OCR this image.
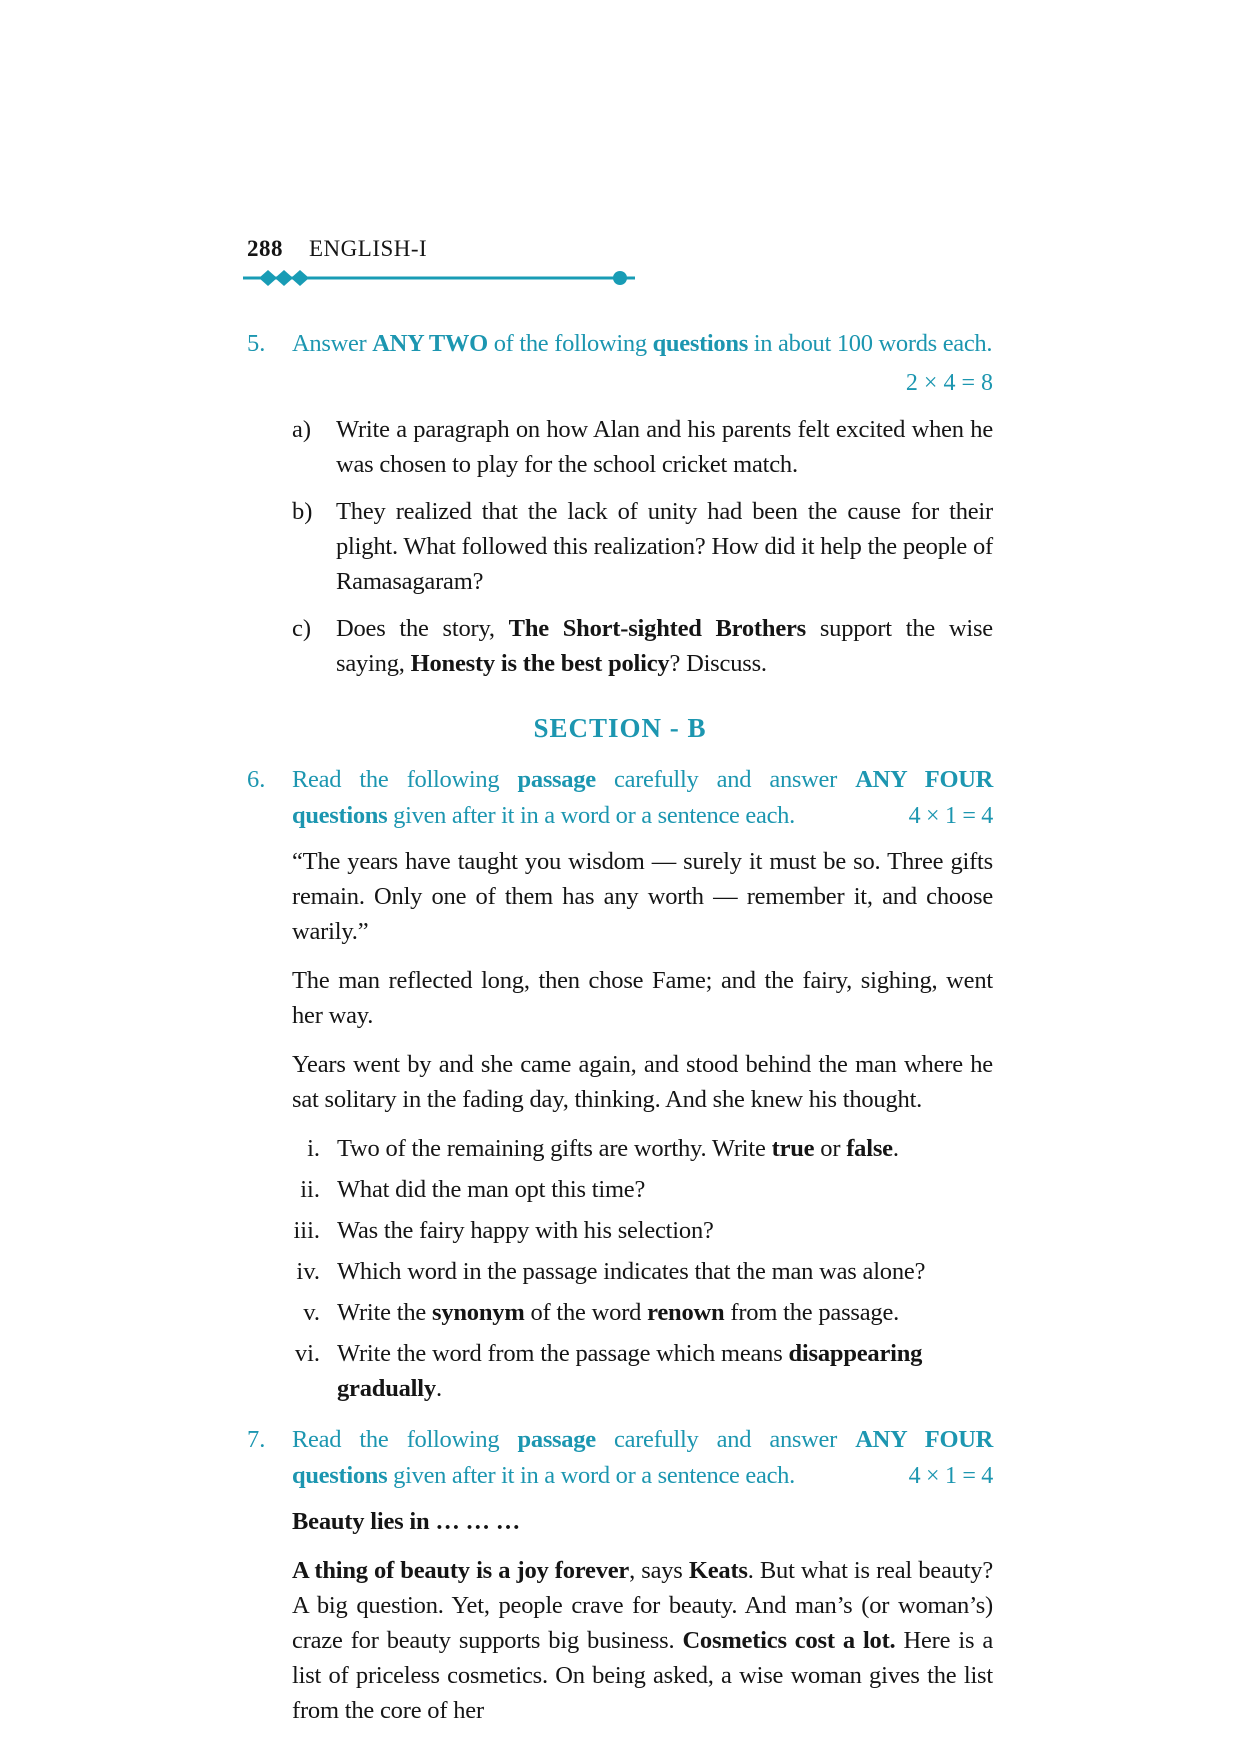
288 ENGLISH-I
5.	Answer ANY TWO of the following questions in about 100 words each.

2 × 4 = 8
a)	Write a paragraph on how Alan and his parents felt excited when he was chosen to play for the school cricket match.

b) They realized that the lack of unity had been the cause for their plight. What followed this realization? How did it help the people of Ramasagaram?

c)	Does the story, The Short-sighted Brothers support the wise saying, Honesty is the best policy? Discuss.

SECTION - B
6.

4 × 1 = 4
Read the following passage carefully and answer ANY FOUR questions given after it in a word or a sentence each.

“The years have taught you wisdom — surely it must be so. Three gifts remain. Only one of them has any worth — remember it, and choose warily.”

The man reflected long, then chose Fame; and the fairy, sighing, went her way.

Years went by and she came again, and stood behind the man where he sat solitary in the fading day, thinking. And she knew his thought.

i. Two of the remaining gifts are worthy. Write true or false.

ii. What did the man opt this time?

iii. Was the fairy happy with his selection?

iv. Which word in the passage indicates that the man was alone?

v. Write the synonym of the word renown from the passage.

vi. Write the word from the passage which means disappearing gradually.

7.

4 × 1 = 4
Read the following passage carefully and answer ANY FOUR questions given after it in a word or a sentence each.

Beauty lies in … … …

A thing of beauty is a joy forever, says Keats. But what is real beauty? A big question. Yet, people crave for beauty. And man’s (or woman’s) craze for beauty supports big business. Cosmetics cost a lot. Here is a list of priceless cosmetics. On being asked, a wise woman gives the list from the core of her
